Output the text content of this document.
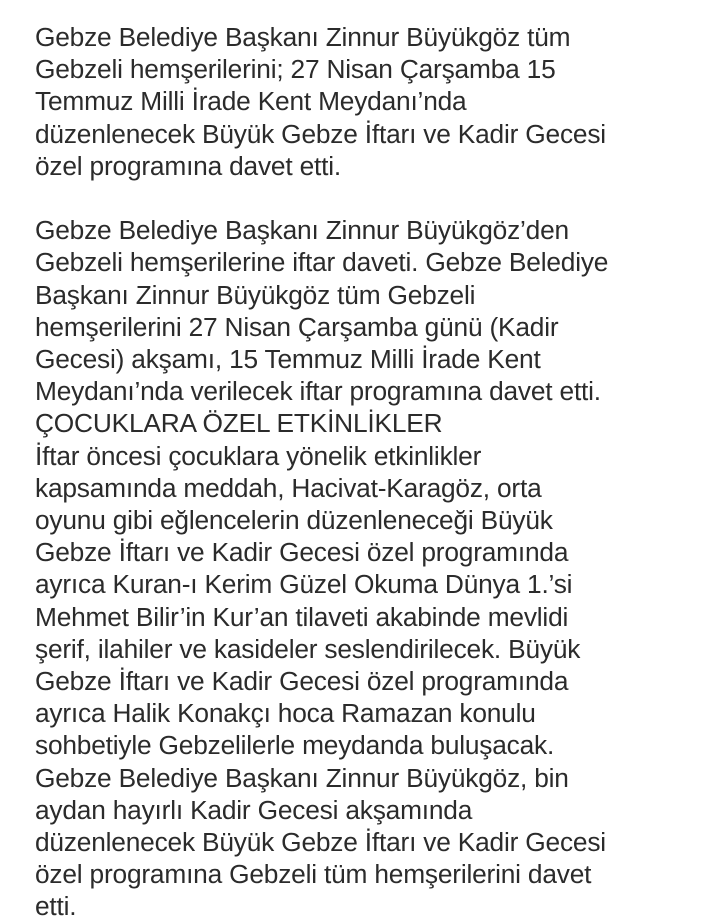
Gebze Belediye Başkanı Zinnur Büyükgöz tüm
Gebzeli hemşerilerini; 27 Nisan Çarşamba 15
Temmuz Milli İrade Kent Meydanı’nda
düzenlenecek Büyük Gebze İftarı ve Kadir Gecesi
özel programına davet etti.

Gebze Belediye Başkanı Zinnur Büyükgöz’den
Gebzeli hemşerilerine iftar daveti. Gebze Belediye
Başkanı Zinnur Büyükgöz tüm Gebzeli
hemşerilerini 27 Nisan Çarşamba günü (Kadir
Gecesi) akşamı, 15 Temmuz Milli İrade Kent
Meydanı’nda verilecek iftar programına davet etti.
ÇOCUKLARA ÖZEL ETKİNLİKLER
İftar öncesi çocuklara yönelik etkinlikler
kapsamında meddah, Hacivat-Karagöz, orta
oyunu gibi eğlencelerin düzenleneceği Büyük
Gebze İftarı ve Kadir Gecesi özel programında
ayrıca Kuran-ı Kerim Güzel Okuma Dünya 1.’si
Mehmet Bilir’in Kur’an tilaveti akabinde mevlidi
şerif, ilahiler ve kasideler seslendirilecek. Büyük
Gebze İftarı ve Kadir Gecesi özel programında
ayrıca Halik Konakçı hoca Ramazan konulu
sohbetiyle Gebzelilerle meydanda buluşacak.
Gebze Belediye Başkanı Zinnur Büyükgöz, bin
aydan hayırlı Kadir Gecesi akşamında
düzenlenecek Büyük Gebze İftarı ve Kadir Gecesi
özel programına Gebzeli tüm hemşerilerini davet
etti.
